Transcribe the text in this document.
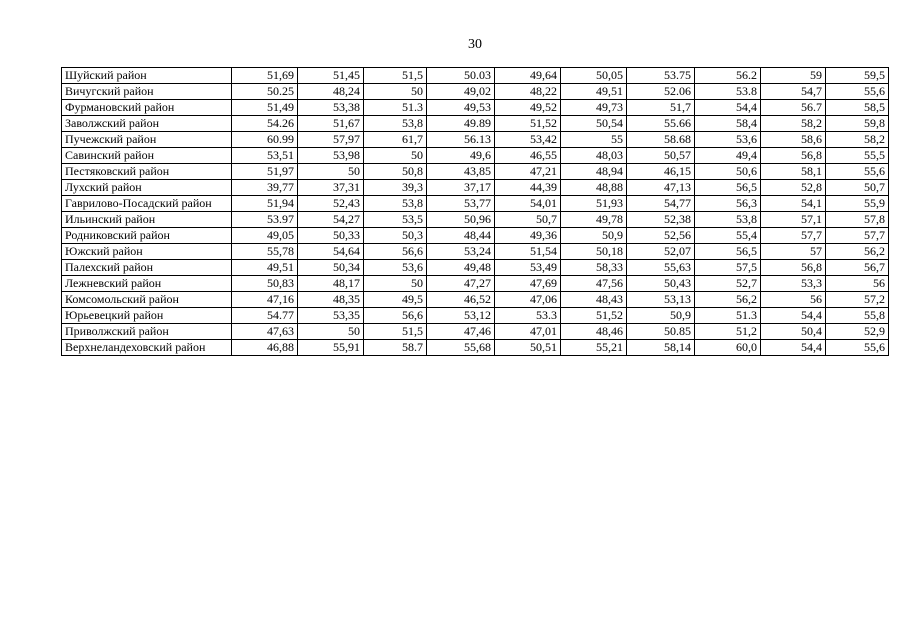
30
Шуйский район	51,69	51,45	51,5	50.03	49,64	50,05	53.75	56.2	59	59,5
Вичугский район	50.25	48,24	50	49,02	48,22	49,51	52.06	53.8	54,7	55,6
Фурмановский район	51,49	53,38	51.3	49,53	49,52	49,73	51,7	54,4	56.7	58,5
Заволжский район	54.26	51,67	53,8	49.89	51,52	50,54	55.66	58,4	58,2	59,8
Пучежский район	60.99	57,97	61,7	56.13	53,42	55	58.68	53,6	58,6	58,2
Савинский район	53,51	53,98	50	49,6	46,55	48,03	50,57	49,4	56,8	55,5
Пестяковский район	51,97	50	50,8	43,85	47,21	48,94	46,15	50,6	58,1	55,6
Лухский район	39,77	37,31	39,3	37,17	44,39	48,88	47,13	56,5	52,8	50,7
Гаврилово-Посадский район	51,94	52,43	53,8	53,77	54,01	51,93	54,77	56,3	54,1	55,9
Ильинский район	53.97	54,27	53,5	50,96	50,7	49,78	52,38	53,8	57,1	57,8
Родниковский район	49,05	50,33	50,3	48,44	49,36	50,9	52,56	55,4	57,7	57,7
Южский район	55,78	54,64	56,6	53,24	51,54	50,18	52,07	56,5	57	56,2
Палехский район	49,51	50,34	53,6	49,48	53,49	58,33	55,63	57,5	56,8	56,7
Лежневский район	50,83	48,17	50	47,27	47,69	47,56	50,43	52,7	53,3	56
Комсомольский район	47,16	48,35	49,5	46,52	47,06	48,43	53,13	56,2	56	57,2
Юрьевецкий район	54.77	53,35	56,6	53,12	53.3	51,52	50,9	51.3	54,4	55,8
Приволжский район	47,63	50	51,5	47,46	47,01	48,46	50.85	51,2	50,4	52,9
Верхнеландеховский район	46,88	55,91	58.7	55,68	50,51	55,21	58,14	60,0	54,4	55,6
